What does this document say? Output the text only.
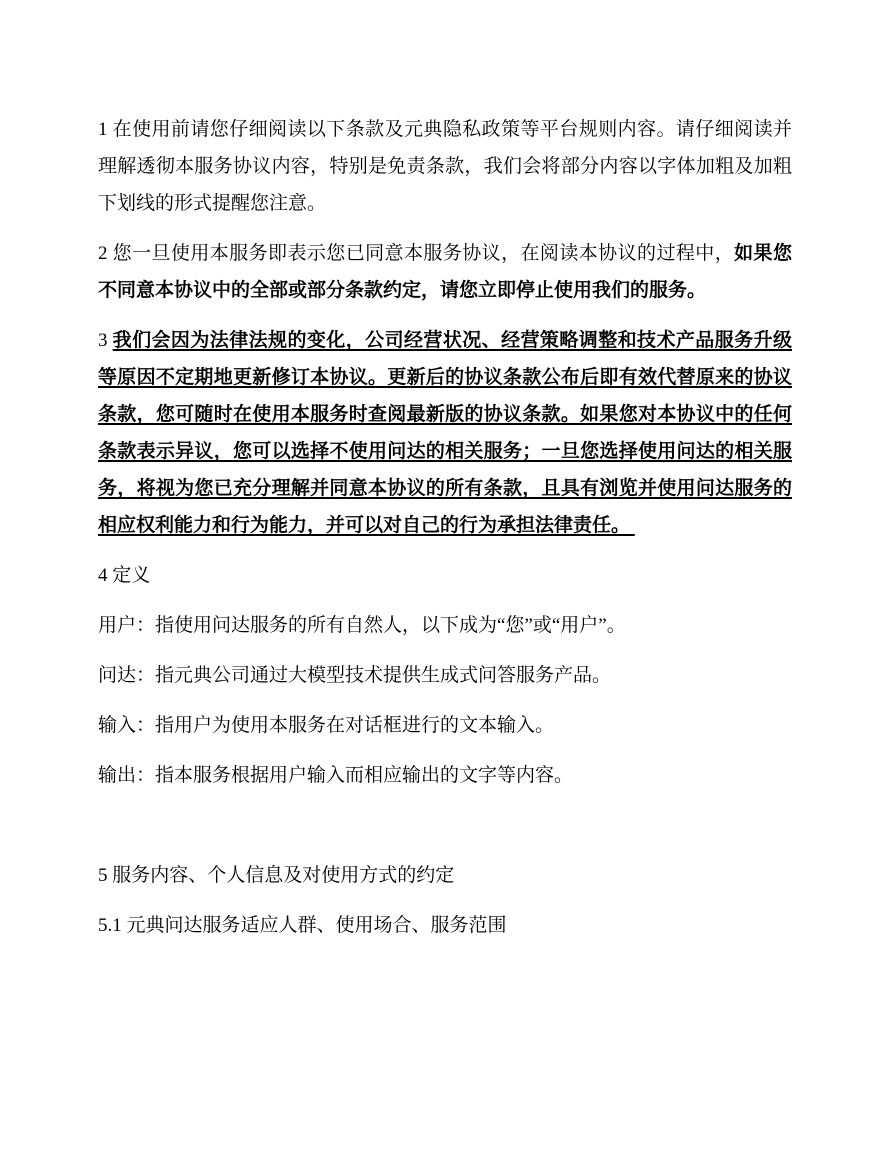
1 在使用前请您仔细阅读以下条款及元典隐私政策等平台规则内容。请仔细阅读并理解透彻本服务协议内容，特别是免责条款，我们会将部分内容以字体加粗及加粗下划线的形式提醒您注意。

2 您一旦使用本服务即表示您已同意本服务协议，在阅读本协议的过程中，如果您不同意本协议中的全部或部分条款约定，请您立即停止使用我们的服务。

3 我们会因为法律法规的变化，公司经营状况、经营策略调整和技术产品服务升级等原因不定期地更新修订本协议。更新后的协议条款公布后即有效代替原来的协议条款，您可随时在使用本服务时查阅最新版的协议条款。如果您对本协议中的任何条款表示异议，您可以选择不使用问达的相关服务；一旦您选择使用问达的相关服务，将视为您已充分理解并同意本协议的所有条款，且具有浏览并使用问达服务的相应权利能力和行为能力，并可以对自己的行为承担法律责任。

4 定义

用户：指使用问达服务的所有自然人，以下成为“您”或“用户”。

问达：指元典公司通过大模型技术提供生成式问答服务产品。

输入：指用户为使用本服务在对话框进行的文本输入。

输出：指本服务根据用户输入而相应输出的文字等内容。

5 服务内容、个人信息及对使用方式的约定

5.1 元典问达服务适应人群、使用场合、服务范围
